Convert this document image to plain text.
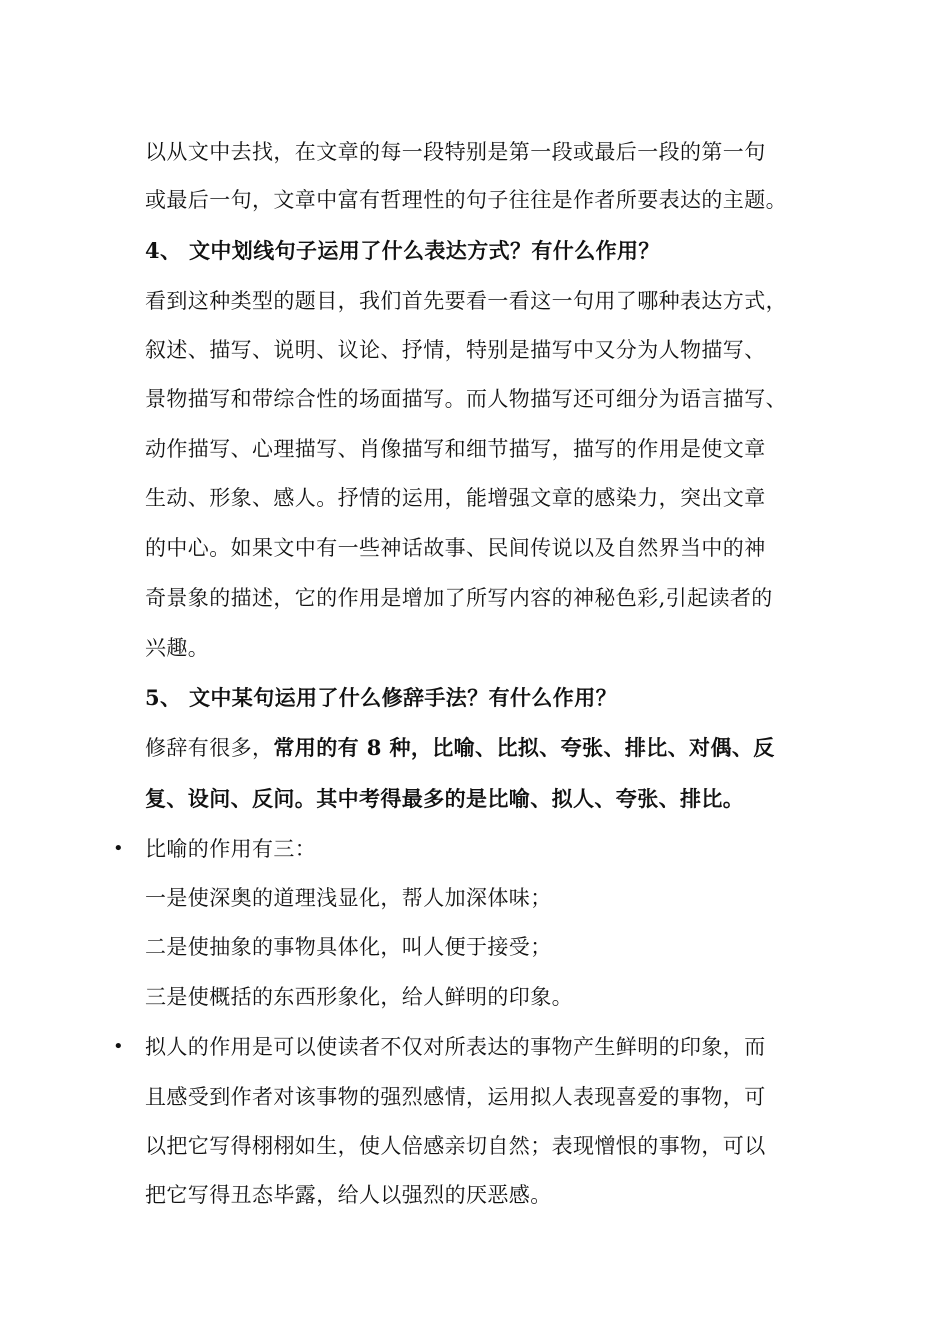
以从文中去找，在文章的每一段特别是第一段或最后一段的第一句
或最后一句，文章中富有哲理性的句子往往是作者所要表达的主题。
4、 文中划线句子运用了什么表达方式？有什么作用？
看到这种类型的题目，我们首先要看一看这一句用了哪种表达方式，
叙述、描写、说明、议论、抒情，特别是描写中又分为人物描写、
景物描写和带综合性的场面描写。而人物描写还可细分为语言描写、
动作描写、心理描写、肖像描写和细节描写，描写的作用是使文章
生动、形象、感人。抒情的运用，能增强文章的感染力，突出文章
的中心。如果文中有一些神话故事、民间传说以及自然界当中的神
奇景象的描述，它的作用是增加了所写内容的神秘色彩,引起读者的
兴趣。
5、 文中某句运用了什么修辞手法？有什么作用？
修辞有很多，常用的有 8 种，比喻、比拟、夸张、排比、对偶、反
复、设问、反问。其中考得最多的是比喻、拟人、夸张、排比。
• 比喻的作用有三：
一是使深奥的道理浅显化，帮人加深体味；
二是使抽象的事物具体化，叫人便于接受；
三是使概括的东西形象化，给人鲜明的印象。
• 拟人的作用是可以使读者不仅对所表达的事物产生鲜明的印象，而
且感受到作者对该事物的强烈感情，运用拟人表现喜爱的事物，可
以把它写得栩栩如生，使人倍感亲切自然；表现憎恨的事物，可以
把它写得丑态毕露，给人以强烈的厌恶感。
